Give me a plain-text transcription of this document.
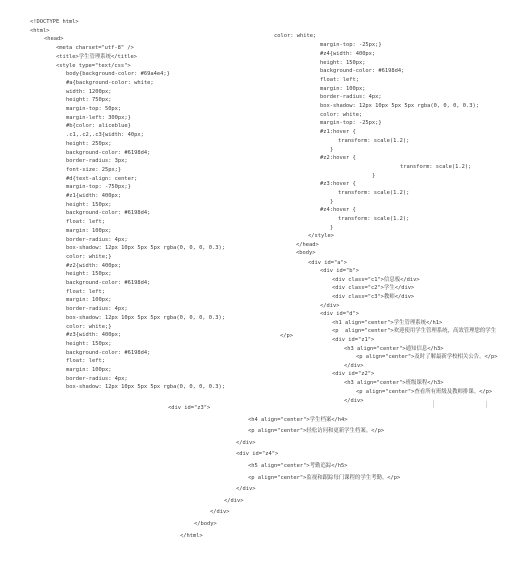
<!DOCTYPE html>
<html>
<head>
<meta charset="utf-8" />
<title>学生管理系统</title>
<style type="text/css">
body{background-color: #69a4e4;}
#a{background-color: white;
width: 1200px;
height: 750px;
margin-top: 50px;
margin-left: 300px;}
#b{color: aliceblue}
.c1,.c2,.c3{width: 40px;
height: 250px;
background-color: #6198d4;
border-radius: 3px;
font-size: 25px;}
#d{text-align: center;
margin-top: -750px;}
#z1{width: 400px;
height: 150px;
background-color: #6198d4;
float: left;
margin: 100px;
border-radius: 4px;
box-shadow: 12px 10px 5px 5px rgba(0, 0, 0, 0.3);
color: white;}
#z2{width: 400px;
height: 150px;
background-color: #6198d4;
float: left;
margin: 100px;
border-radius: 4px;
box-shadow: 12px 10px 5px 5px rgba(0, 0, 0, 0.3);
color: white;}
#z3{width: 400px;
height: 150px;
background-color: #6198d4;
float: left;
margin: 100px;
border-radius: 4px;
box-shadow: 12px 10px 5px 5px rgba(0, 0, 0, 0.3);
color: white;
margin-top: -25px;}
#z4{width: 400px;
height: 150px;
background-color: #6198d4;
float: left;
margin: 100px;
border-radius: 4px;
box-shadow: 12px 10px 5px 5px rgba(0, 0, 0, 0.3);
color: white;
margin-top: -25px;}
#z1:hover {
transform: scale(1.2);
}
#z2:hover {
transform: scale(1.2);
}
#z3:hover {
transform: scale(1.2);
}
#z4:hover {
transform: scale(1.2);
}
</style>
</head>
<body>
<div id="a">
<div id="b">
<div class="c1">信息板</div>
<div class="c2">学生</div>
<div class="c3">教师</div>
</div>
<div id="d">
<h1 align="center">学生管理系统</h1>
<p  align="center">欢迎使用学生管理系统，高效管理您的学生
<div id="z1">
<h3 align="center">通知信息</h3>
<p align="center">及时了解最新学校相关公告。</p>
</div>
<div id="z2">
<h3 align="center">班级课程</h3>
<p align="center">查看所有班级及教师排课。</p>
</div>
</p>
<div id="z3">
<h4 align="center">学生档案</h4>
<p align="center">轻松访问和更新学生档案。</p>
</div>
<div id="z4">
<h5 align="center">考勤追踪</h5>
<p align="center">监视和跟踪每门课程的学生考勤。</p>
</div>
</div>
</div>
</body>
</html>
